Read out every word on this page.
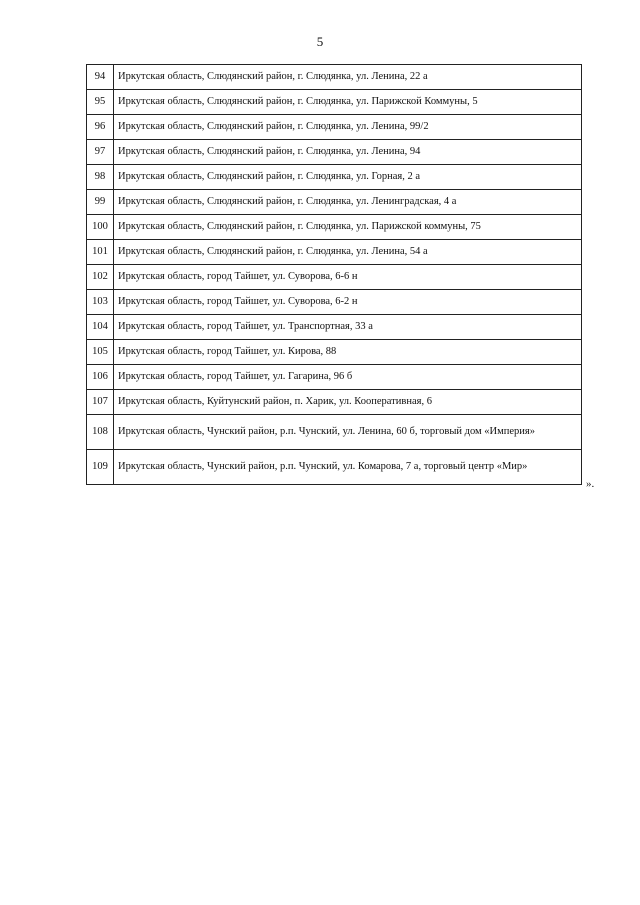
5
94	Иркутская область, Слюдянский район, г. Слюдянка, ул. Ленина, 22 а
95	Иркутская область, Слюдянский район, г. Слюдянка, ул. Парижской Коммуны, 5
96	Иркутская область, Слюдянский район, г. Слюдянка, ул. Ленина, 99/2
97	Иркутская область, Слюдянский район, г. Слюдянка, ул. Ленина, 94
98	Иркутская область, Слюдянский район, г. Слюдянка, ул. Горная, 2 а
99	Иркутская область, Слюдянский район, г. Слюдянка, ул. Ленинградская, 4 а
100	Иркутская область, Слюдянский район, г. Слюдянка, ул. Парижской коммуны, 75
101	Иркутская область, Слюдянский район, г. Слюдянка, ул. Ленина, 54 а
102	Иркутская область, город Тайшет, ул. Суворова, 6-6 н
103	Иркутская область, город Тайшет, ул. Суворова, 6-2 н
104	Иркутская область, город Тайшет, ул. Транспортная, 33 а
105	Иркутская область, город Тайшет, ул. Кирова, 88
106	Иркутская область, город Тайшет, ул. Гагарина, 96 б
107	Иркутская область, Куйтунский район, п. Харик, ул. Кооперативная, 6
108	Иркутская область, Чунский район, р.п. Чунский, ул. Ленина, 60 б, торговый дом «Империя»
109	Иркутская область, Чунский район, р.п. Чунский, ул. Комарова, 7 а, торговый центр «Мир»
».
